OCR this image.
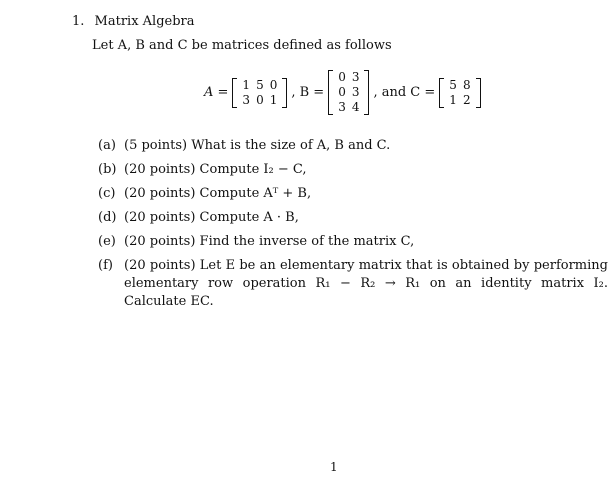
1. Matrix Algebra
Let A, B and C be matrices defined as follows
A =
1	5	0
3	0	1 , B =
0	3
0	3
3	4
, and C =
5	8
1	2
(a) (5 points) What is the size of A, B and C.
(b) (20 points) Compute I₂ − C,
(c) (20 points) Compute Aᵀ + B,
(d) (20 points) Compute A · B,
(e) (20 points) Find the inverse of the matrix C,
(f) (20 points) Let E be an elementary matrix that is obtained by performing elementary row operation R₁ − R₂ → R₁ on an identity matrix I₂. Calculate EC.
1
